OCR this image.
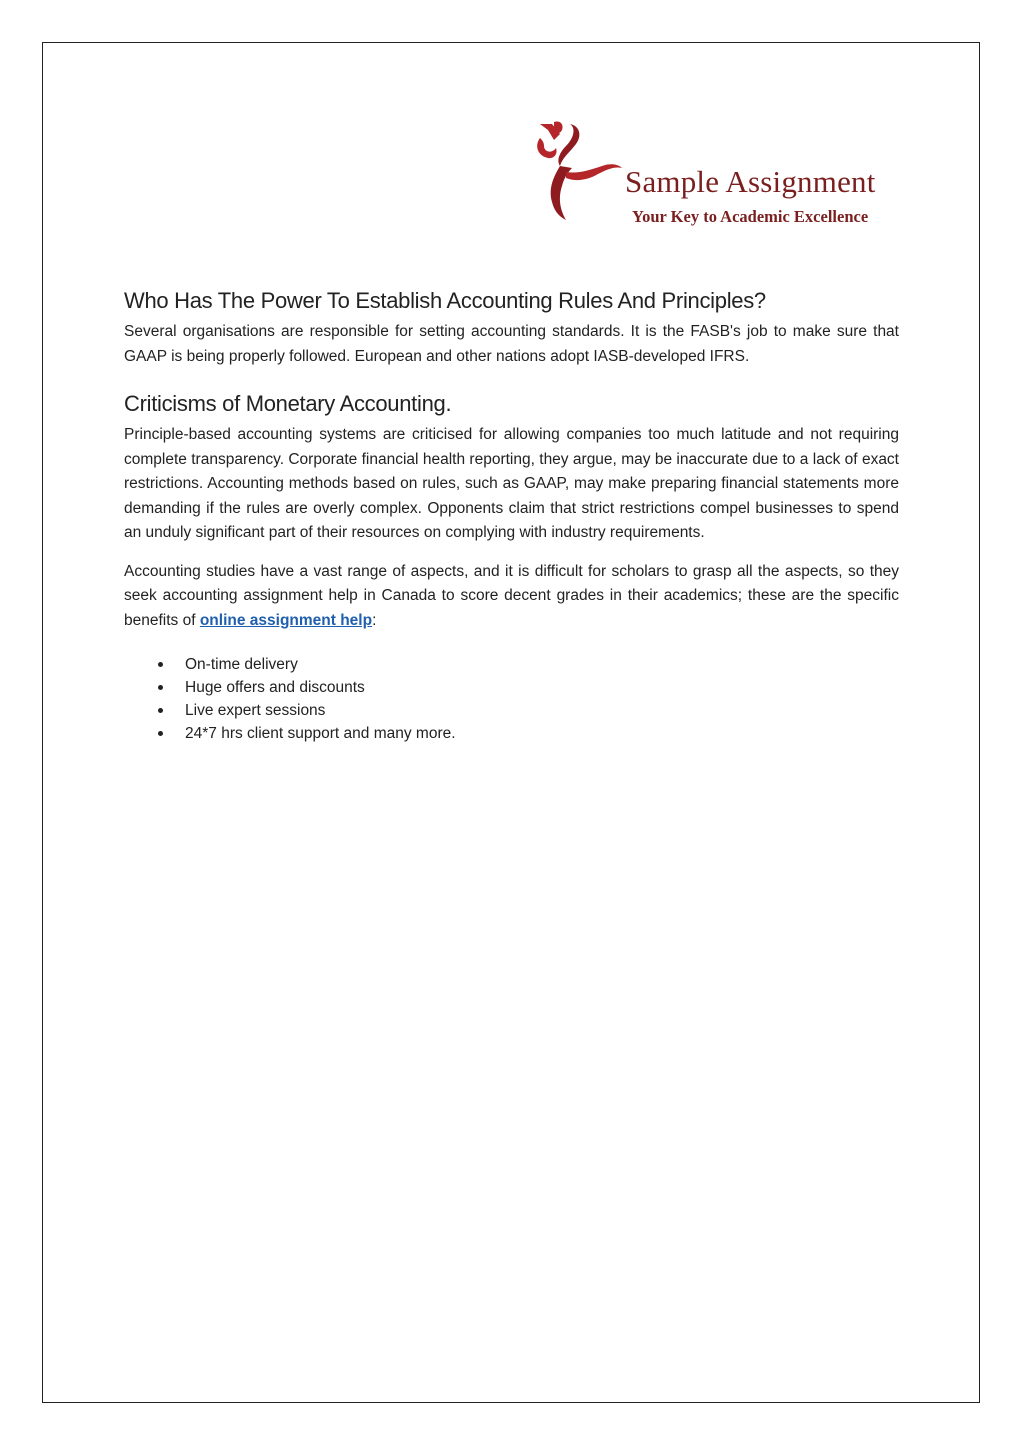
Sample Assignment
Your Key to Academic Excellence
Who Has The Power To Establish Accounting Rules And Principles?

Several organisations are responsible for setting accounting standards. It is the FASB's job to make sure that GAAP is being properly followed. European and other nations adopt IASB-developed IFRS.

Criticisms of Monetary Accounting.

Principle-based accounting systems are criticised for allowing companies too much latitude and not requiring complete transparency. Corporate financial health reporting, they argue, may be inaccurate due to a lack of exact restrictions. Accounting methods based on rules, such as GAAP, may make preparing financial statements more demanding if the rules are overly complex. Opponents claim that strict restrictions compel businesses to spend an unduly significant part of their resources on complying with industry requirements.

Accounting studies have a vast range of aspects, and it is difficult for scholars to grasp all the aspects, so they seek accounting assignment help in Canada to score decent grades in their academics; these are the specific benefits of online assignment help:

On-time delivery
Huge offers and discounts
Live expert sessions
24*7 hrs client support and many more.
